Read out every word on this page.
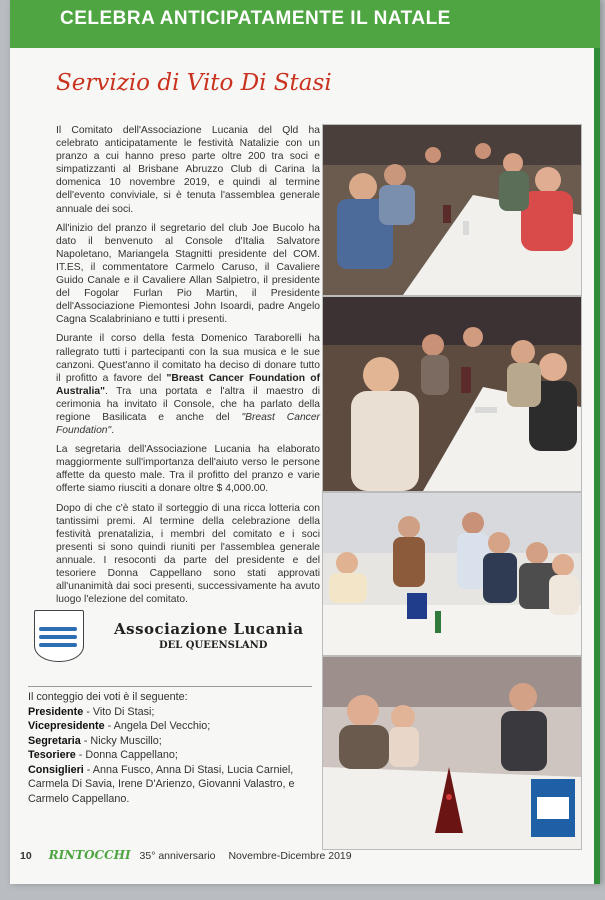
CELEBRA ANTICIPATAMENTE IL NATALE
Servizio di Vito Di Stasi

Il Comitato dell'Associazione Lucania del Qld ha celebrato anticipatamente le festività Natalizie con un pranzo a cui hanno preso parte oltre 200 tra soci e simpatizzanti al Brisbane Abruzzo Club di Carina la domenica 10 novembre 2019, e quindi al termine dell'evento conviviale, si è tenuta l'assemblea generale annuale dei soci.

All'inizio del pranzo il segretario del club Joe Bucolo ha dato il benvenuto al Console d'Italia Salvatore Napoletano, Mariangela Stagnitti presidente del COM. IT.ES, il commentatore Carmelo Caruso, il Cavaliere Guido Canale e il Cavaliere Allan Salpietro, il presidente del Fogolar Furlan Pio Martin, il Presidente dell'Associazione Piemontesi John Isoardi, padre Angelo Cagna Scalabriniano e tutti i presenti.

Durante il corso della festa Domenico Taraborelli ha rallegrato tutti i partecipanti con la sua musica e le sue canzoni. Quest'anno il comitato ha deciso di donare tutto il profitto a favore del "Breast Cancer Foundation of Australia". Tra una portata e l'altra il maestro di cerimonia ha invitato il Console, che ha parlato della regione Basilicata e anche del "Breast Cancer Foundation".

La segretaria dell'Associazione Lucania ha elaborato maggiormente sull'importanza dell'aiuto verso le persone affette da questo male. Tra il profitto del pranzo e varie offerte siamo riusciti a donare oltre $ 4,000.00.

Dopo di che c'è stato il sorteggio di una ricca lotteria con tantissimi premi. Al termine della celebrazione della festività prenatalizia, i membri del comitato e i soci presenti si sono quindi riuniti per l'assemblea generale annuale. I resoconti da parte del presidente e del tesoriere Donna Cappellano sono stati approvati all'unanimità dai soci presenti, successivamente ha avuto luogo l'elezione del comitato.

Associazione Lucania
DEL QUEENSLAND

Il conteggio dei voti è il seguente:

Presidente - Vito Di Stasi;

Vicepresidente - Angela Del Vecchio;

Segretaria - Nicky Muscillo;

Tesoriere - Donna Cappellano;

Consiglieri - Anna Fusco, Anna Di Stasi, Lucia Carniel, Carmela Di Savia, Irene D'Arienzo, Giovanni Valastro, e Carmelo Cappellano.

10 RINTOCCHI 35° anniversario Novembre-Dicembre 2019
